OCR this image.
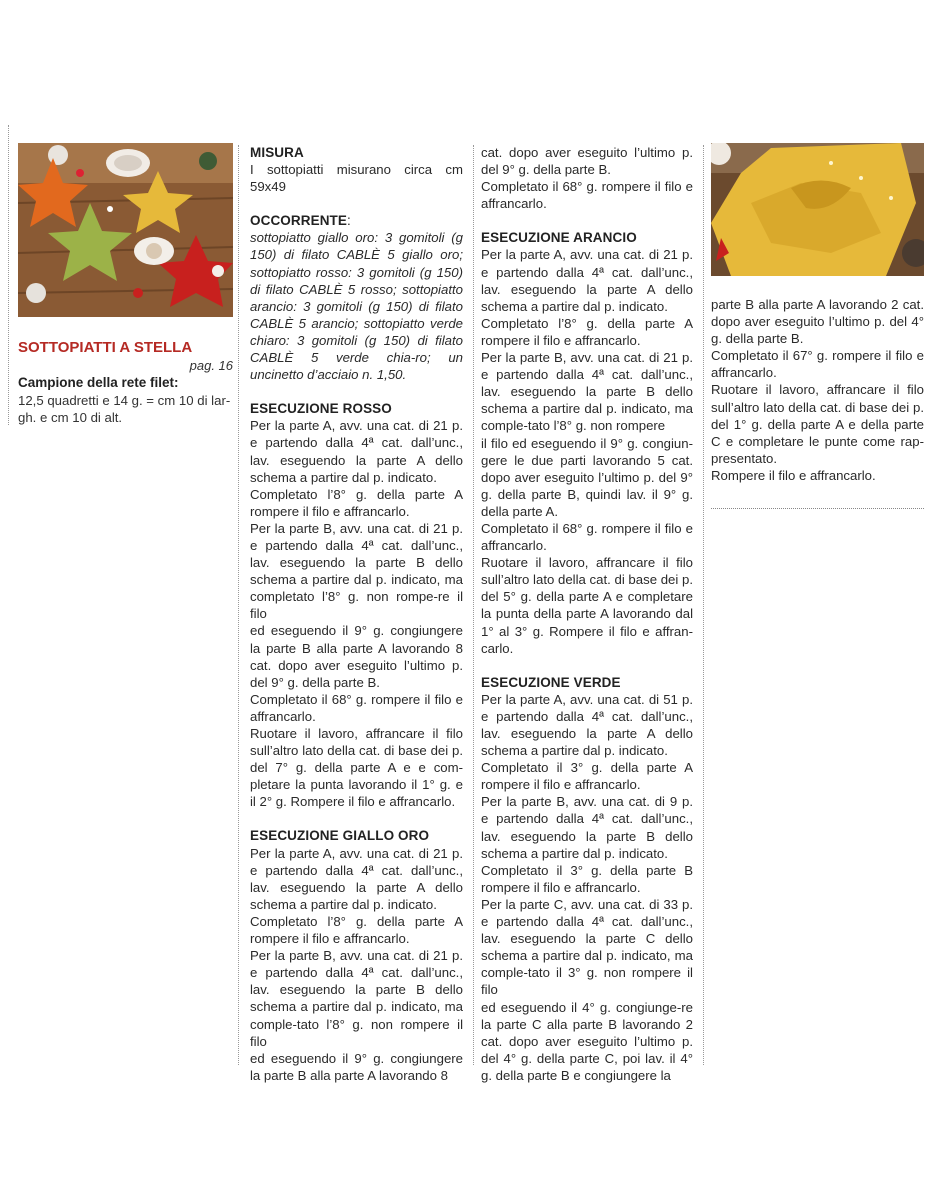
SOTTOPIATTI A STELLA
pag. 16
Campione della rete filet:
12,5 quadretti e 14 g. = cm 10 di lar-gh. e cm 10 di alt.

MISURA

I sottopiatti misurano circa cm 59x49

OCCORRENTE:

sottopiatto giallo oro: 3 gomitoli (g 150) di filato CABLÈ 5 giallo oro; sottopiatto rosso: 3 gomitoli (g 150) di filato CABLÈ 5 rosso; sottopiatto arancio: 3 gomitoli (g 150) di filato CABLÈ 5 arancio; sottopiatto verde chiaro: 3 gomitoli (g 150) di filato CABLÈ 5 verde chia-ro; un uncinetto d’acciaio n. 1,50.

ESECUZIONE ROSSO

Per la parte A, avv. una cat. di 21 p. e partendo dalla 4ª cat. dall’unc., lav. eseguendo la parte A dello schema a partire dal p. indicato.

Completato l’8° g. della parte A rompere il filo e affrancarlo.

Per la parte B, avv. una cat. di 21 p. e partendo dalla 4ª cat. dall’unc., lav. eseguendo la parte B dello schema a partire dal p. indicato, ma completato l’8° g. non rompe-re il filo

ed eseguendo il 9° g. congiungere la parte B alla parte A lavorando 8 cat. dopo aver eseguito l’ultimo p. del 9° g. della parte B.

Completato il 68° g. rompere il filo e affrancarlo.

Ruotare il lavoro, affrancare il filo sull’altro lato della cat. di base dei p. del 7° g. della parte A e e com-pletare la punta lavorando il 1° g. e il 2° g. Rompere il filo e affrancarlo.

ESECUZIONE GIALLO ORO

Per la parte A, avv. una cat. di 21 p. e partendo dalla 4ª cat. dall’unc., lav. eseguendo la parte A dello schema a partire dal p. indicato.

Completato l’8° g. della parte A rompere il filo e affrancarlo.

Per la parte B, avv. una cat. di 21 p. e partendo dalla 4ª cat. dall’unc., lav. eseguendo la parte B dello schema a partire dal p. indicato, ma comple-tato l’8° g. non rompere il filo

ed eseguendo il 9° g. congiungere la parte B alla parte A lavorando 8

cat. dopo aver eseguito l’ultimo p. del 9° g. della parte B.

Completato il 68° g. rompere il filo e affrancarlo.

ESECUZIONE ARANCIO

Per la parte A, avv. una cat. di 21 p. e partendo dalla 4ª cat. dall’unc., lav. eseguendo la parte A dello schema a partire dal p. indicato.

Completato l’8° g. della parte A rompere il filo e affrancarlo.

Per la parte B, avv. una cat. di 21 p. e partendo dalla 4ª cat. dall’unc., lav. eseguendo la parte B dello schema a partire dal p. indicato, ma comple-tato l’8° g. non rompere

il filo ed eseguendo il 9° g. congiun-gere le due parti lavorando 5 cat. dopo aver eseguito l’ultimo p. del 9° g. della parte B, quindi lav. il 9° g. della parte A.

Completato il 68° g. rompere il filo e affrancarlo.

Ruotare il lavoro, affrancare il filo sull’altro lato della cat. di base dei p. del 5° g. della parte A e completare la punta della parte A lavorando dal 1° al 3° g. Rompere il filo e affran-carlo.

ESECUZIONE VERDE

Per la parte A, avv. una cat. di 51 p. e partendo dalla 4ª cat. dall’unc., lav. eseguendo la parte A dello schema a partire dal p. indicato.

Completato il 3° g. della parte A rompere il filo e affrancarlo.

Per la parte B, avv. una cat. di 9 p. e partendo dalla 4ª cat. dall’unc., lav. eseguendo la parte B dello schema a partire dal p. indicato.

Completato il 3° g. della parte B rompere il filo e affrancarlo.

Per la parte C, avv. una cat. di 33 p. e partendo dalla 4ª cat. dall’unc., lav. eseguendo la parte C dello schema a partire dal p. indicato, ma comple-tato il 3° g. non rompere il filo

ed eseguendo il 4° g. congiunge-re la parte C alla parte B lavorando 2 cat. dopo aver eseguito l’ultimo p. del 4° g. della parte C, poi lav. il 4° g. della parte B e congiungere la

parte B alla parte A lavorando 2 cat. dopo aver eseguito l’ultimo p. del 4° g. della parte B.

Completato il 67° g. rompere il filo e affrancarlo.

Ruotare il lavoro, affrancare il filo sull’altro lato della cat. di base dei p. del 1° g. della parte A e della parte C e completare le punte come rap-presentato.

Rompere il filo e affrancarlo.
